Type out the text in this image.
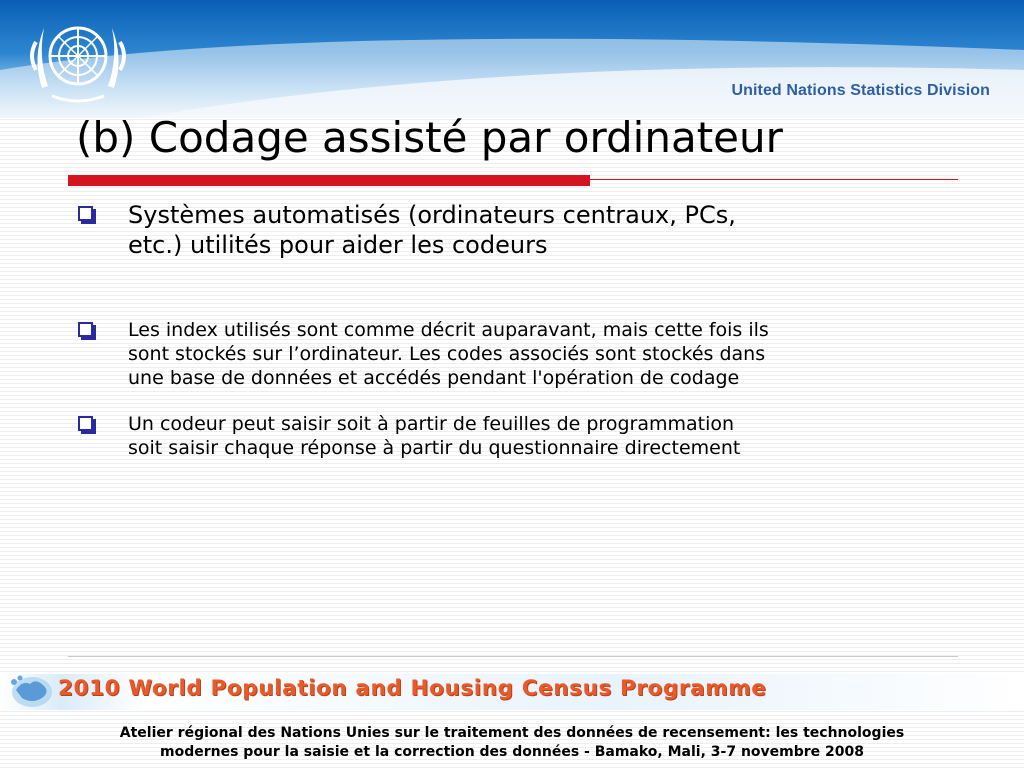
United Nations Statistics Division
(b) Codage assisté par ordinateur
Systèmes automatisés (ordinateurs centraux, PCs,
etc.) utilités pour aider les codeurs
Les index utilisés sont comme décrit auparavant, mais cette fois ils
sont stockés sur l’ordinateur. Les codes associés sont stockés dans
une base de données et accédés pendant l'opération de codage
Un codeur peut saisir soit à partir de feuilles de programmation
soit saisir chaque réponse à partir du questionnaire directement
2010 World Population and Housing Census Programme
Atelier régional des Nations Unies sur le traitement des données de recensement: les technologies
modernes pour la saisie et la correction des données - Bamako, Mali, 3-7 novembre 2008
